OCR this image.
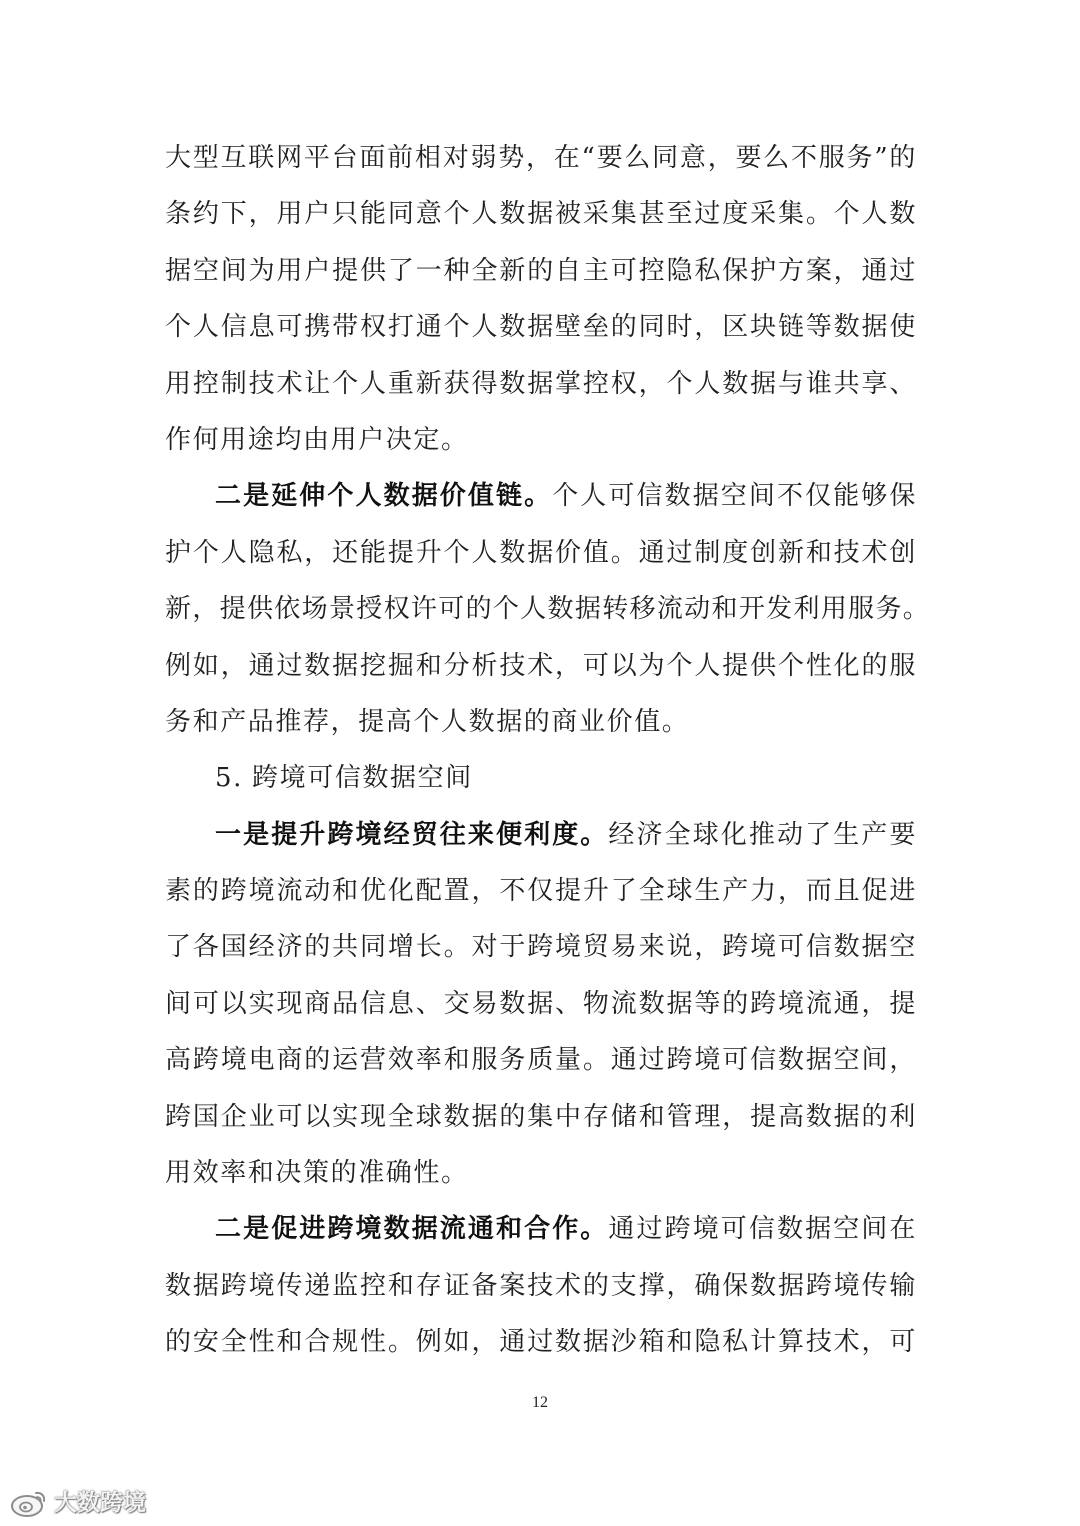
大型互联网平台面前相对弱势，在“要么同意，要么不服务”的
条约下，用户只能同意个人数据被采集甚至过度采集。个人数
据空间为用户提供了一种全新的自主可控隐私保护方案，通过
个人信息可携带权打通个人数据壁垒的同时，区块链等数据使
用控制技术让个人重新获得数据掌控权，个人数据与谁共享、
作何用途均由用户决定。
二是延伸个人数据价值链。个人可信数据空间不仅能够保
护个人隐私，还能提升个人数据价值。通过制度创新和技术创
新，提供依场景授权许可的个人数据转移流动和开发利用服务。
例如，通过数据挖掘和分析技术，可以为个人提供个性化的服
务和产品推荐，提高个人数据的商业价值。
5. 跨境可信数据空间
一是提升跨境经贸往来便利度。经济全球化推动了生产要
素的跨境流动和优化配置，不仅提升了全球生产力，而且促进
了各国经济的共同增长。对于跨境贸易来说，跨境可信数据空
间可以实现商品信息、交易数据、物流数据等的跨境流通，提
高跨境电商的运营效率和服务质量。通过跨境可信数据空间，
跨国企业可以实现全球数据的集中存储和管理，提高数据的利
用效率和决策的准确性。
二是促进跨境数据流通和合作。通过跨境可信数据空间在
数据跨境传递监控和存证备案技术的支撑，确保数据跨境传输
的安全性和合规性。例如，通过数据沙箱和隐私计算技术，可
12
大数跨境
